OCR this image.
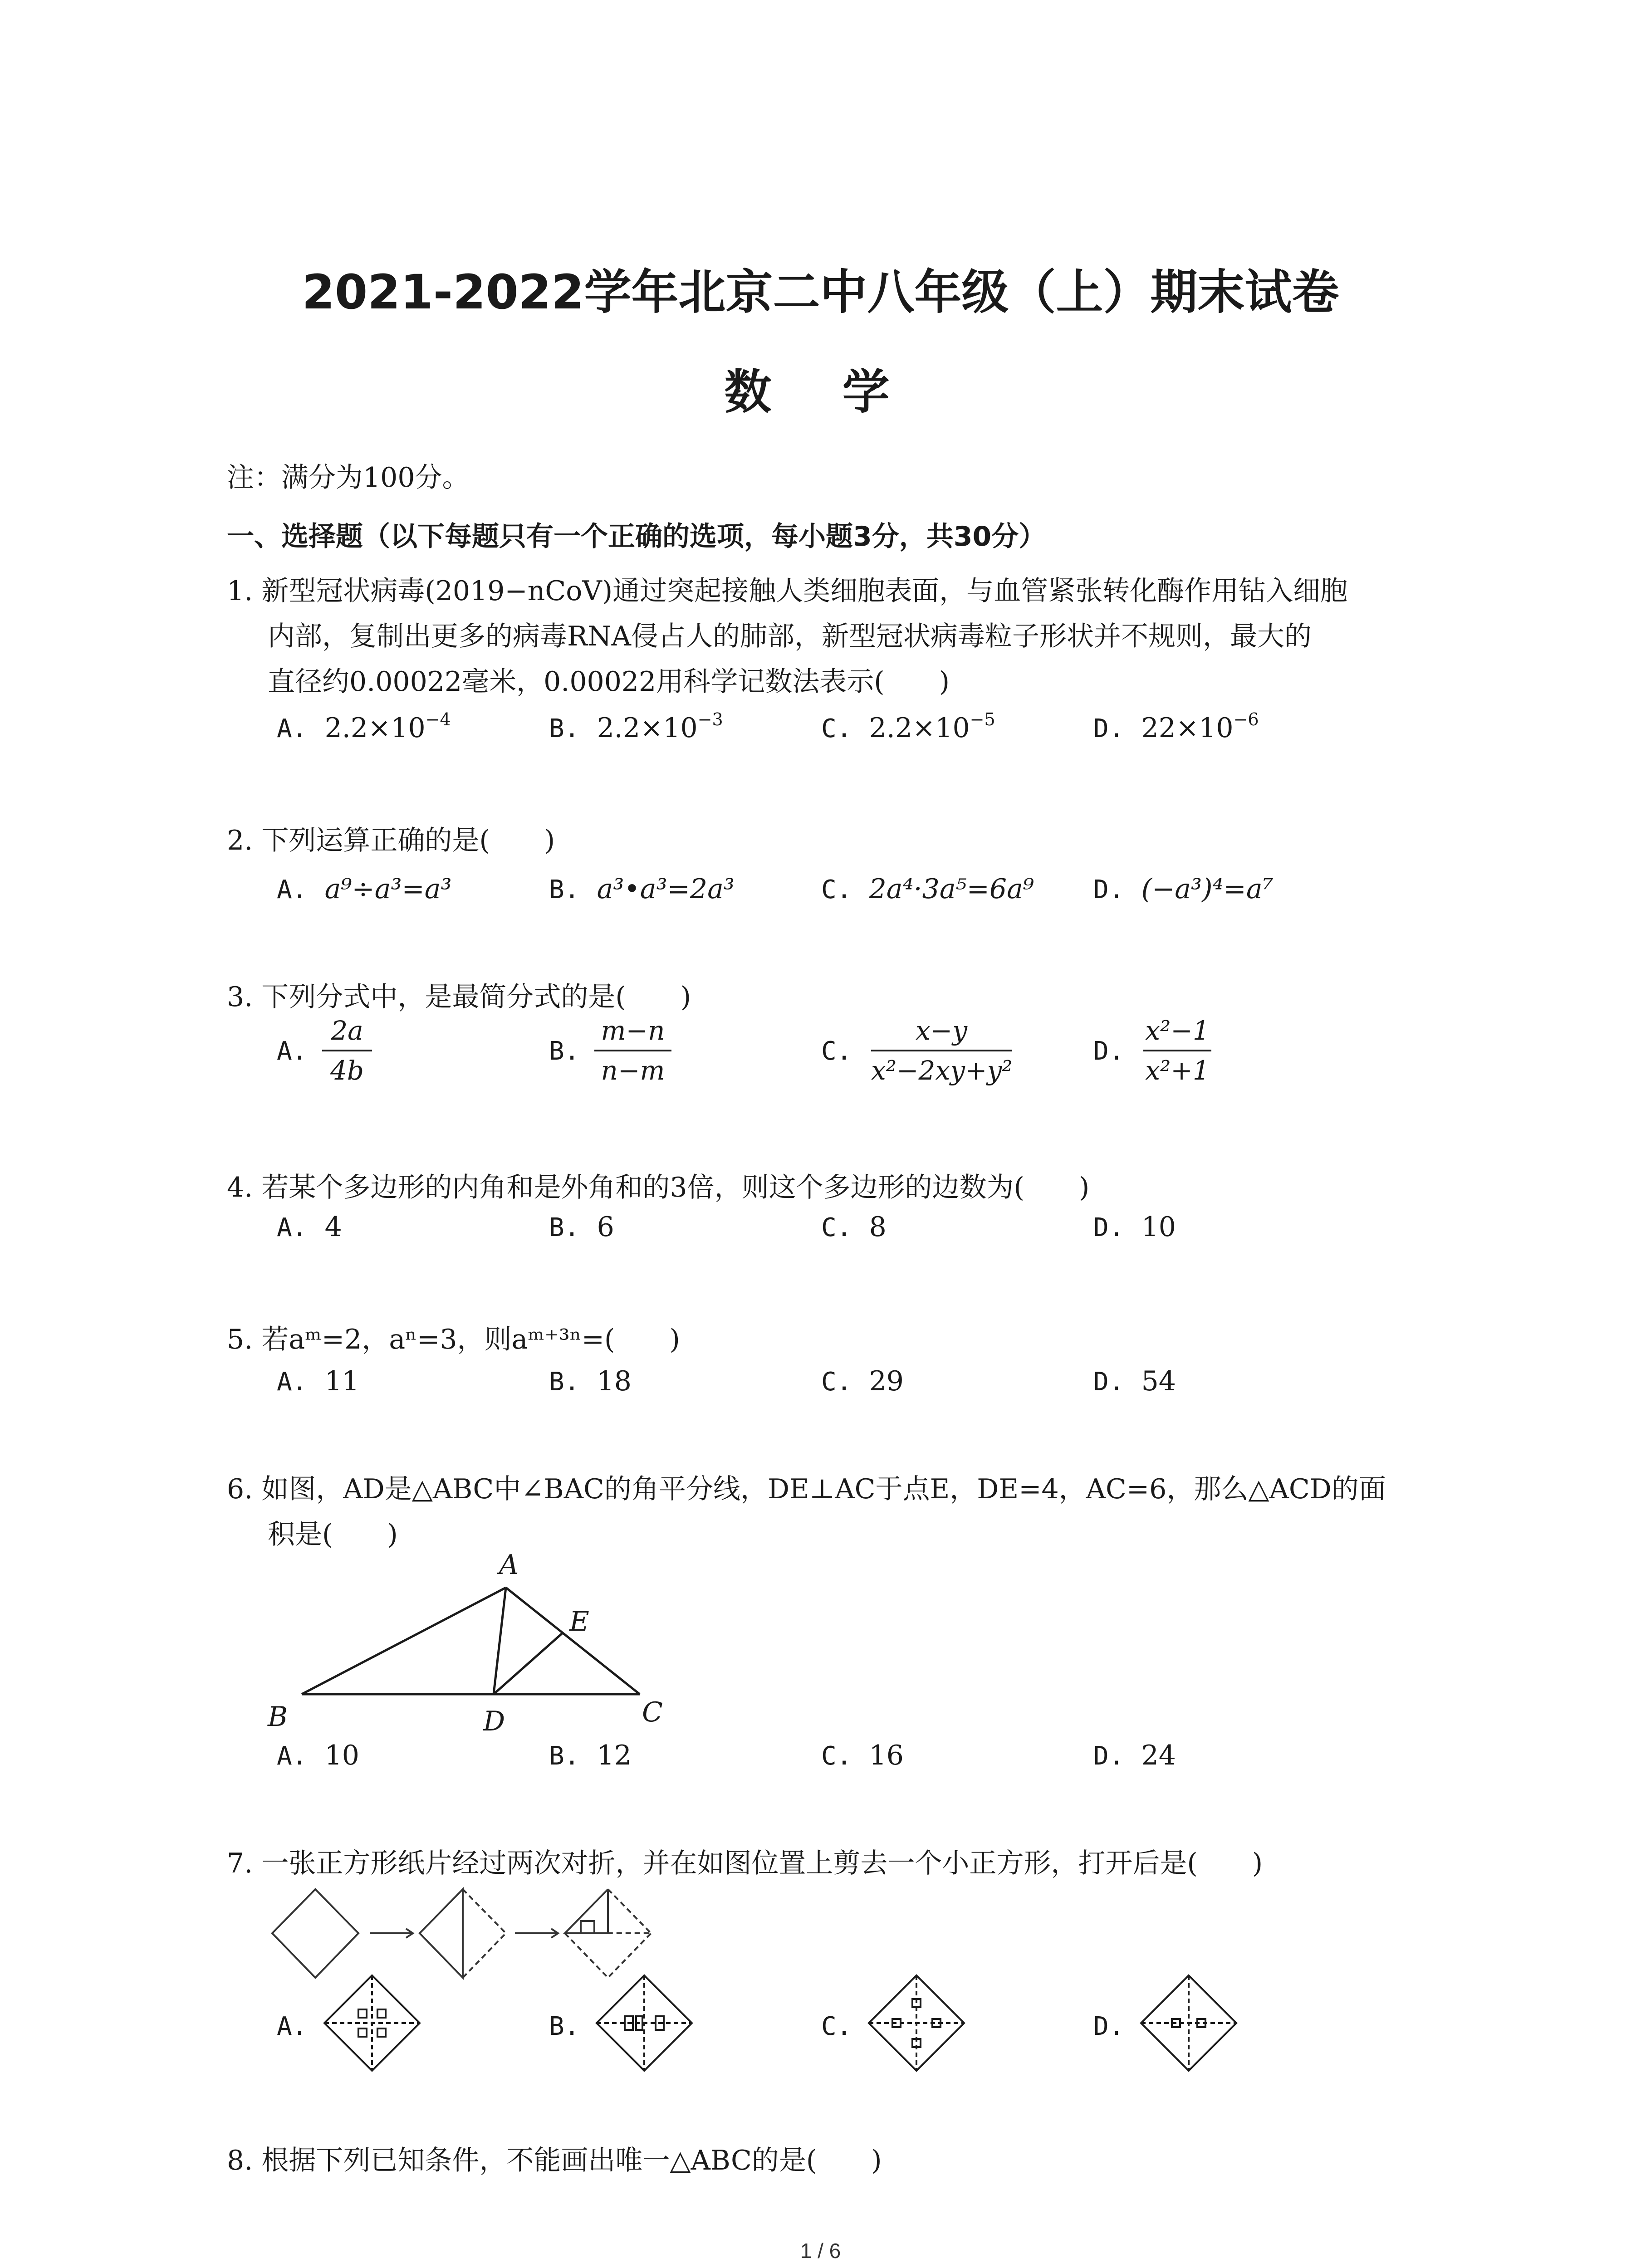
2021-2022学年北京二中八年级（上）期末试卷
数 学
注：满分为100分。
一、选择题（以下每题只有一个正确的选项，每小题3分，共30分）
1. 新型冠状病毒(2019−nCoV)通过突起接触人类细胞表面，与血管紧张转化酶作用钻入细胞
内部，复制出更多的病毒RNA侵占人的肺部，新型冠状病毒粒子形状并不规则，最大的
直径约0.00022毫米，0.00022用科学记数法表示(　　)
A. $2.2\times 10^{-4}$	B. $2.2\times 10^{-3}$	C. $2.2\times 10^{-5}$	D. $22\times 10^{-6}$
2. 下列运算正确的是(　　)
A. a⁹÷a³=a³	B. a³•a³=2a³	C. 2a⁴·3a⁵=6a⁹ D. (−a³)⁴=a⁷
3. 下列分式中，是最简分式的是(　　)
A.
2a
4b
B.
m−n
n−m
C.
x−y
x²−2xy+y²
D.
x²−1
x²+1
4. 若某个多边形的内角和是外角和的3倍，则这个多边形的边数为(　　)
A. 4	B. 6	C. 8	D. 10
5. 若aᵐ=2，aⁿ=3，则aᵐ⁺³ⁿ=(　　)
A. 11	B. 18	C. 29	D. 54
6. 如图，AD是△ABC中∠BAC的角平分线，DE⊥AC于点E，DE=4，AC=6，那么△ACD的面
积是(　　)
A
B	C
D
E
A. 10	B. 12	C. 16	D. 24
7. 一张正方形纸片经过两次对折，并在如图位置上剪去一个小正方形，打开后是(　　)
A.	B.	C.	D.
8. 根据下列已知条件，不能画出唯一△ABC的是(　　)
1 / 6
